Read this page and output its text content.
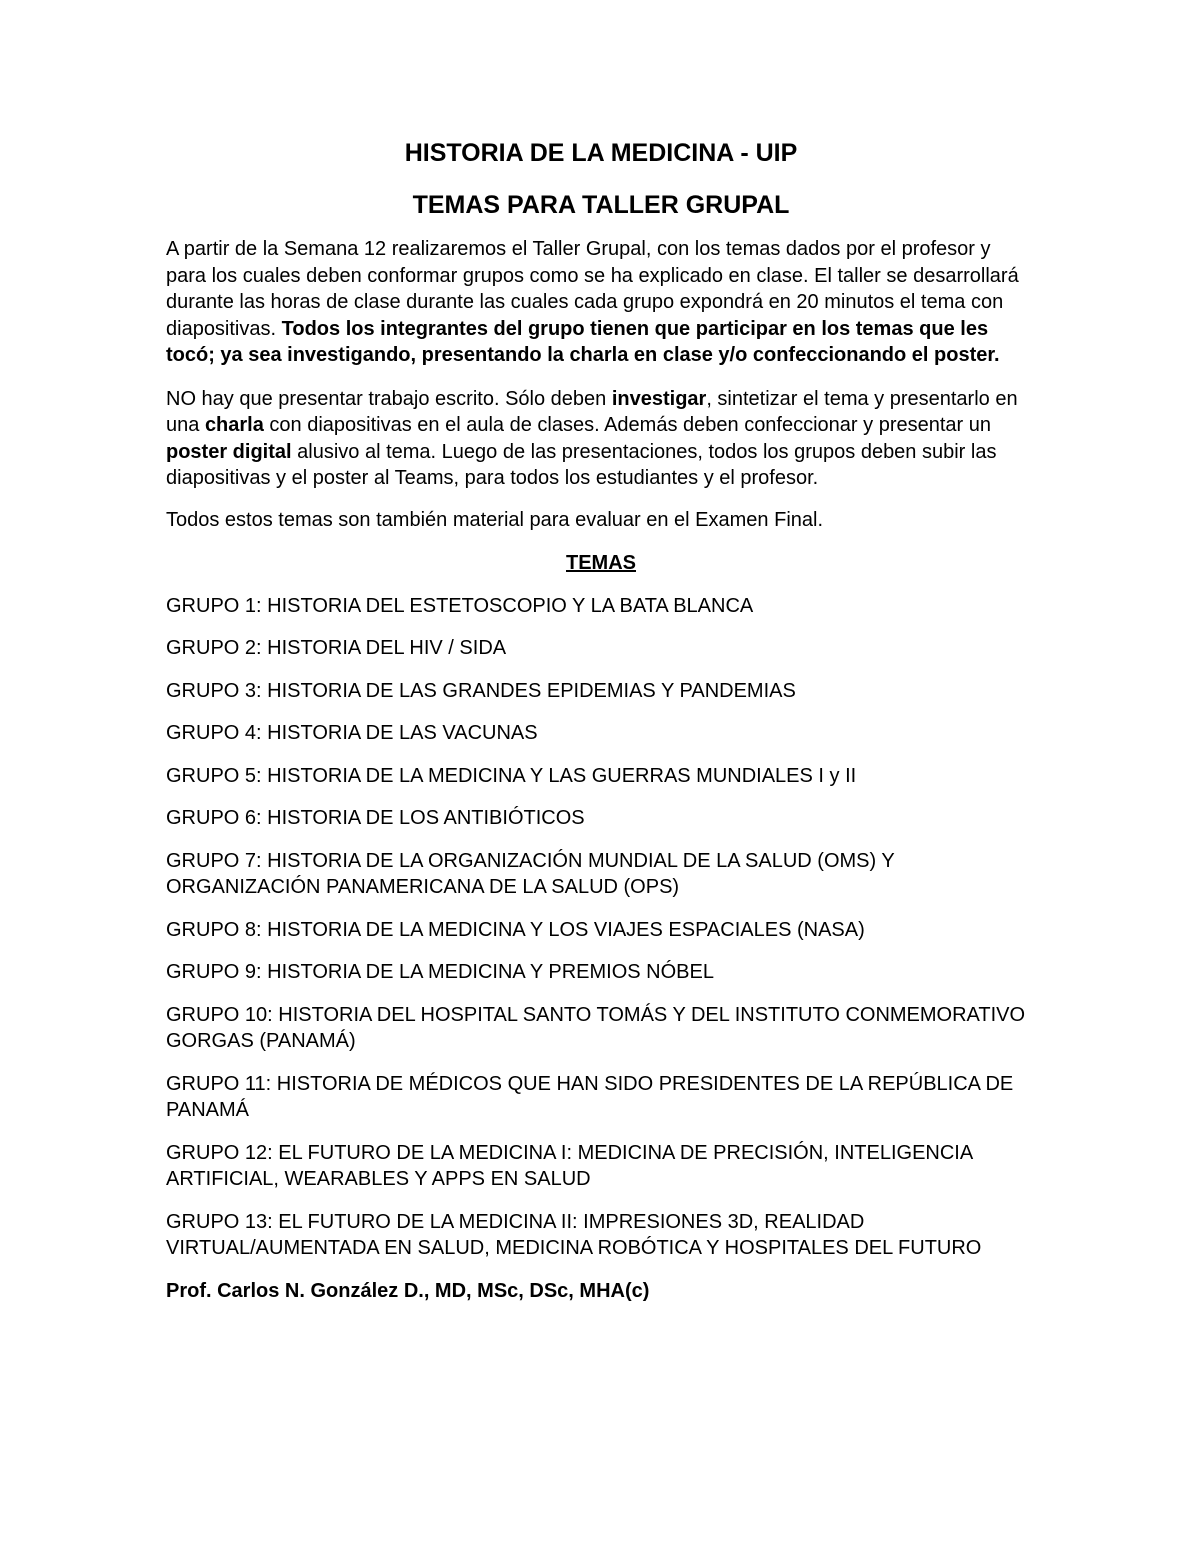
HISTORIA DE LA MEDICINA - UIP
TEMAS PARA TALLER GRUPAL

A partir de la Semana 12 realizaremos el Taller Grupal, con los temas dados por el profesor y para los cuales deben conformar grupos como se ha explicado en clase. El taller se desarrollará durante las horas de clase durante las cuales cada grupo expondrá en 20 minutos el tema con diapositivas. Todos los integrantes del grupo tienen que participar en los temas que les tocó; ya sea investigando, presentando la charla en clase y/o confeccionando el poster.

NO hay que presentar trabajo escrito. Sólo deben investigar, sintetizar el tema y presentarlo en una charla con diapositivas en el aula de clases. Además deben confeccionar y presentar un poster digital alusivo al tema. Luego de las presentaciones, todos los grupos deben subir las diapositivas y el poster al Teams, para todos los estudiantes y el profesor.

Todos estos temas son también material para evaluar en el Examen Final.

TEMAS
GRUPO 1: HISTORIA DEL ESTETOSCOPIO Y LA BATA BLANCA
GRUPO 2: HISTORIA DEL HIV / SIDA
GRUPO 3: HISTORIA DE LAS GRANDES EPIDEMIAS Y PANDEMIAS
GRUPO 4: HISTORIA DE LAS VACUNAS
GRUPO 5: HISTORIA DE LA MEDICINA Y LAS GUERRAS MUNDIALES I y II
GRUPO 6: HISTORIA DE LOS ANTIBIÓTICOS
GRUPO 7: HISTORIA DE LA ORGANIZACIÓN MUNDIAL DE LA SALUD (OMS) Y ORGANIZACIÓN PANAMERICANA DE LA SALUD (OPS)
GRUPO 8: HISTORIA DE LA MEDICINA Y LOS VIAJES ESPACIALES (NASA)
GRUPO 9: HISTORIA DE LA MEDICINA Y PREMIOS NÓBEL
GRUPO 10: HISTORIA DEL HOSPITAL SANTO TOMÁS Y DEL INSTITUTO CONMEMORATIVO GORGAS (PANAMÁ)
GRUPO 11: HISTORIA DE MÉDICOS QUE HAN SIDO PRESIDENTES DE LA REPÚBLICA DE PANAMÁ
GRUPO 12: EL FUTURO DE LA MEDICINA I: MEDICINA DE PRECISIÓN, INTELIGENCIA ARTIFICIAL, WEARABLES Y APPS EN SALUD
GRUPO 13: EL FUTURO DE LA MEDICINA II: IMPRESIONES 3D, REALIDAD VIRTUAL/AUMENTADA EN SALUD, MEDICINA ROBÓTICA Y HOSPITALES DEL FUTURO
Prof. Carlos N. González D., MD, MSc, DSc, MHA(c)
